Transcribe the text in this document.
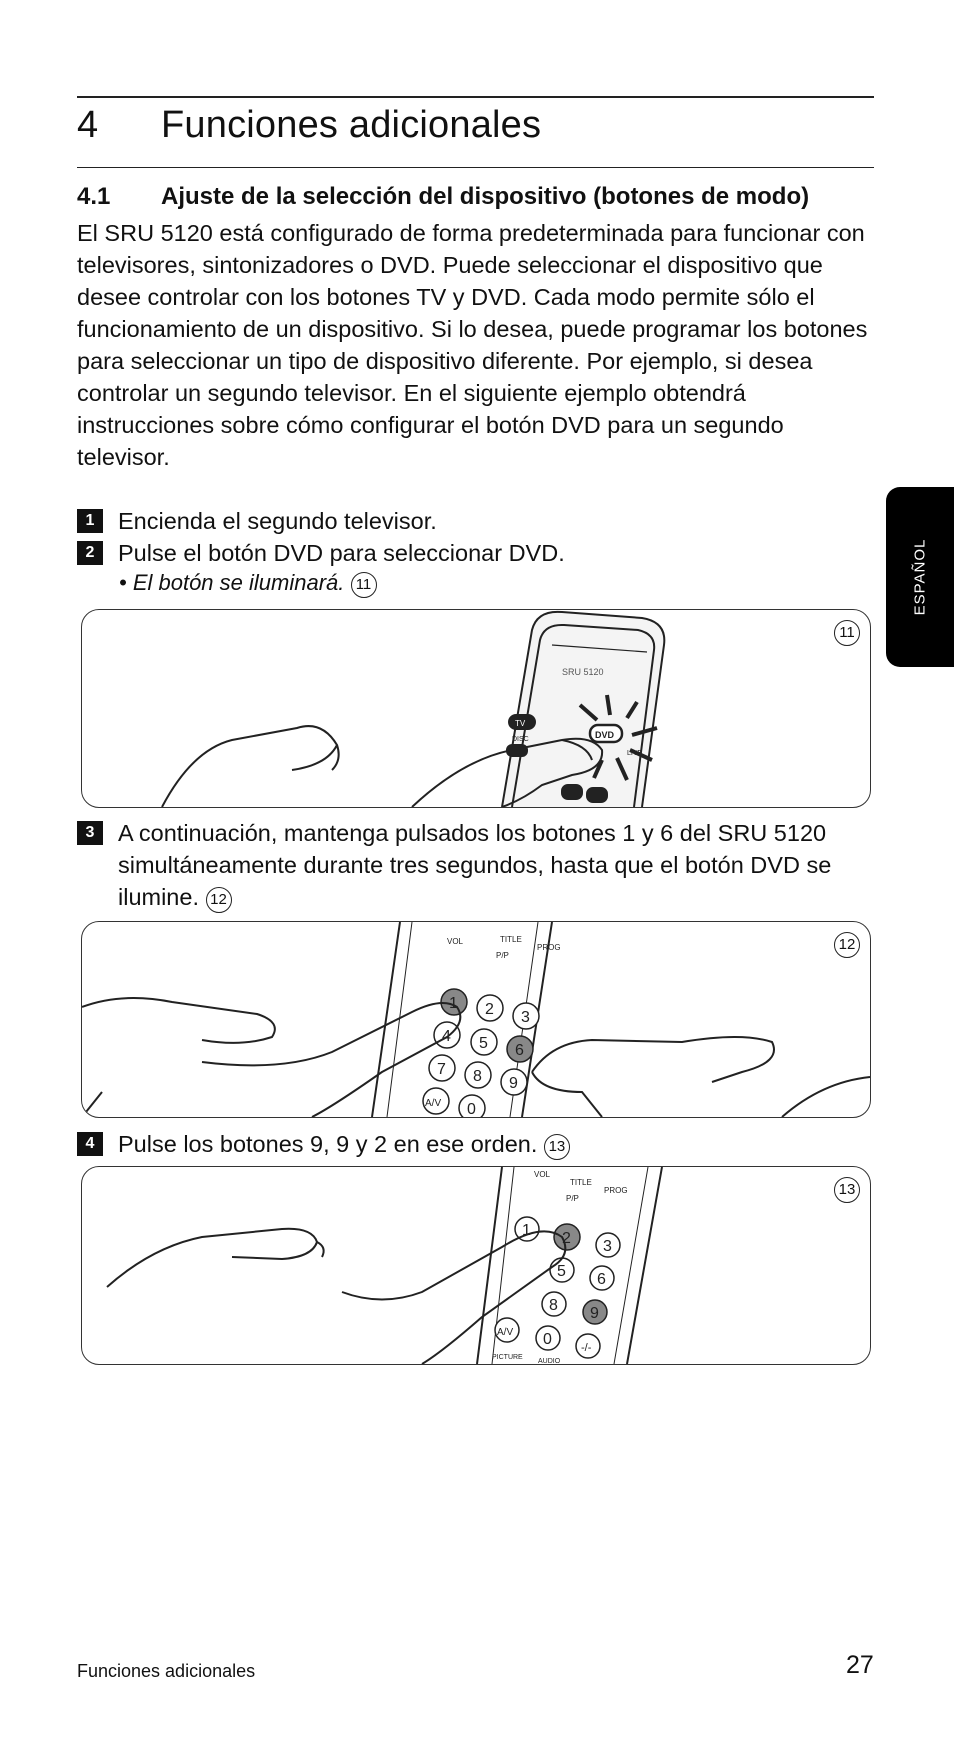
4 Funciones adicionales
4.1 Ajuste de la selección del dispositivo (botones de modo)
El SRU 5120 está configurado de forma predeterminada para funcionar con televisores, sintonizadores o DVD. Puede seleccionar el dispositivo que desee controlar con los botones TV y DVD. Cada modo permite sólo el funcionamiento de un dispositivo. Si lo desea, puede programar los botones para seleccionar un tipo de dispositivo diferente. Por ejemplo, si desea controlar un segundo televisor. En el siguiente ejemplo obtendrá instrucciones sobre cómo configurar el botón DVD para un segundo televisor.
ESPAÑOL
1 Encienda el segundo televisor.
2 Pulse el botón DVD para seleccionar DVD.
• El botón se iluminará. 11
SRU 5120
TV
DISC	DVD
LIVE
11
3 A continuación, mantenga pulsados los botones 1 y 6 del SRU 5120 simultáneamente durante tres segundos, hasta que el botón DVD se ilumine. 12
1 2 3
4 5 6
7 8 9
A/V 0
VOL	TITLE
PROG
P/P
12
4 Pulse los botones 9, 9 y 2 en ese orden. 13
1 2 3
5 6
8 9
A/V 0	-/-
VOL
TITLE
PROG
P/P
PICTURE
AUDIO
13
Funciones adicionales	27
